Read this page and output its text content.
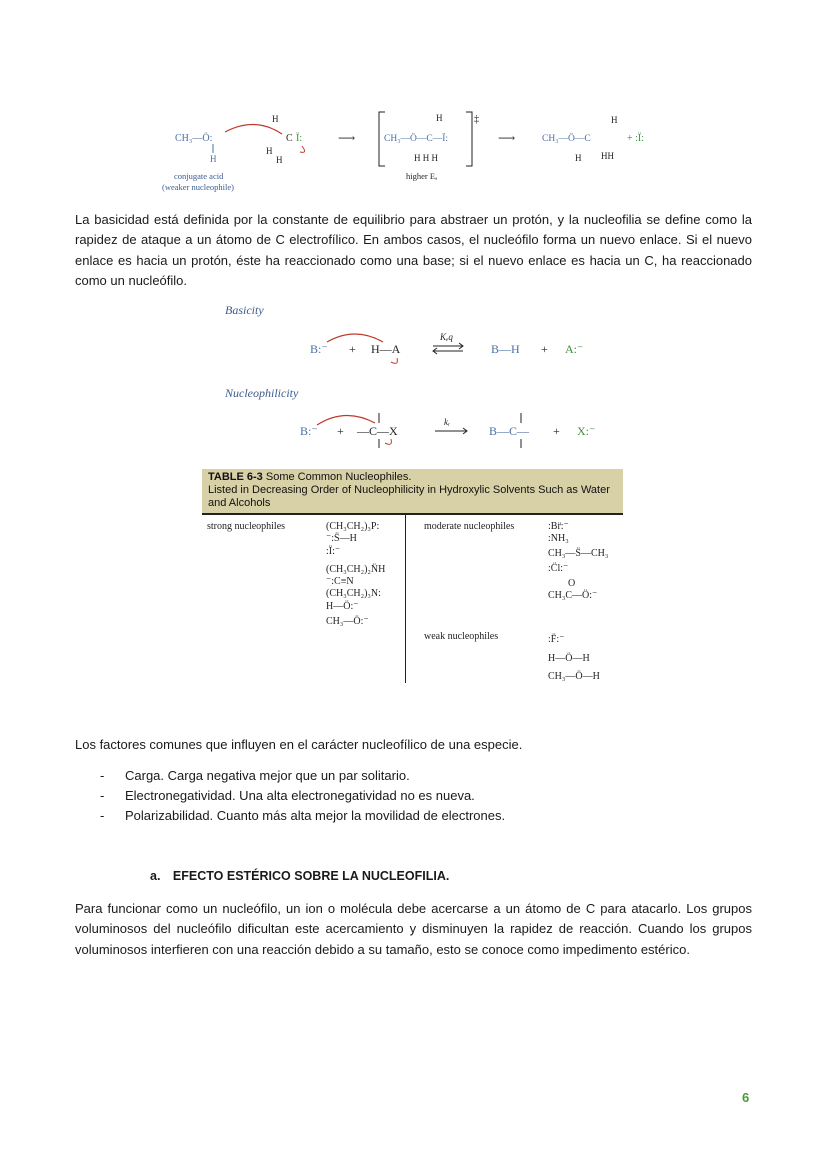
CH₃—Ö:
H
H
H
H
C Ï:	⟶
H
CH₃—Ö—C—Ï:
H H H
‡
⟶	CH₃—Ö—C
H
H HH
+ :Ï:
conjugate acid
(weaker nucleophile)
higher Eₐ

La basicidad está definida por la constante de equilibrio para abstraer un protón, y la nucleofilia se define como la rapidez de ataque a un átomo de C electrofílico. En ambos casos, el nucleófilo forma un nuevo enlace. Si el nuevo enlace es hacia un protón, éste ha reaccionado como una base; si el nuevo enlace es hacia un C, ha reaccionado como un nucleófilo.

Basicity
B:⁻ + H—A
Kₑq
B—H + A:⁻
Nucleophilicity
B:⁻ + —C—X
kᵣ
B—C— + X:⁻
TABLE 6-3 Some Common Nucleophiles.
Listed in Decreasing Order of Nucleophilicity in Hydroxylic Solvents Such as Water and Alcohols
strong nucleophiles	(CH₃CH₂)₃P:
⁻:S̈—H
:Ï:⁻
(CH₃CH₂)₂N̈H
⁻:C≡N
(CH₃CH₂)₃N:
H—Ö:⁻
CH₃—Ö:⁻
moderate nucleophiles	:Br̈:⁻
:NH₃
CH₃—S̈—CH₃
:C̈l:⁻
O
CH₃C—Ö:⁻
weak nucleophiles	:F̈:⁻
H—Ö—H
CH₃—Ö—H

Los factores comunes que influyen en el carácter nucleofílico de una especie.

- Carga. Carga negativa mejor que un par solitario.
- Electronegatividad. Una alta electronegatividad no es nueva.
- Polarizabilidad. Cuanto más alta mejor la movilidad de electrones.
a. EFECTO ESTÉRICO SOBRE LA NUCLEOFILIA.

Para funcionar como un nucleófilo, un ion o molécula debe acercarse a un átomo de C para atacarlo. Los grupos voluminosos del nucleófilo dificultan este acercamiento y disminuyen la rapidez de reacción. Cuando los grupos voluminosos interfieren con una reacción debido a su tamaño, esto se conoce como impedimento estérico.

6
